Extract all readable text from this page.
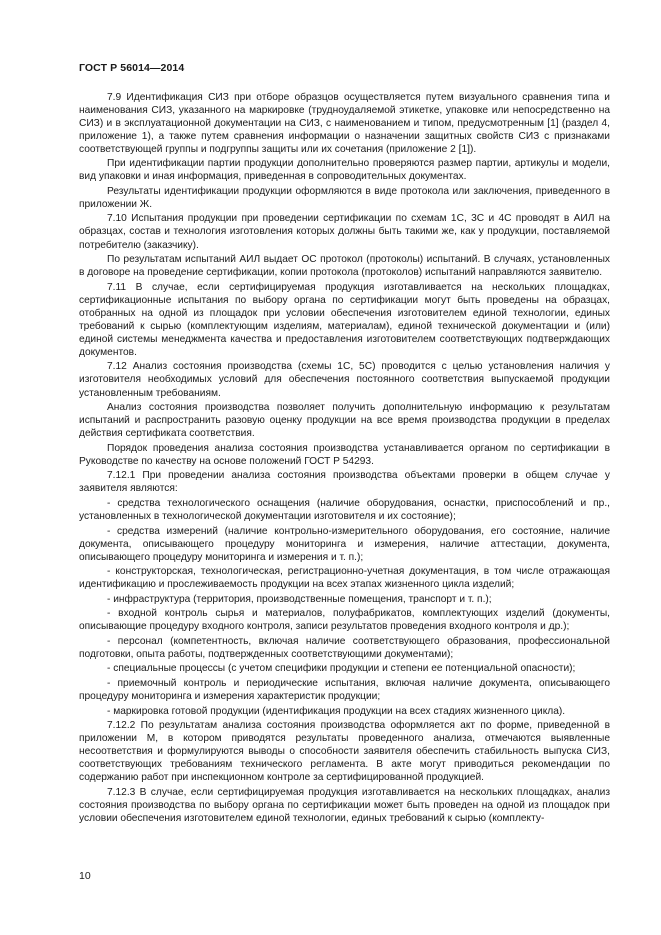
ГОСТ Р 56014—2014

7.9 Идентификация СИЗ при отборе образцов осуществляется путем визуального сравнения типа и наименования СИЗ, указанного на маркировке (трудноудаляемой этикетке, упаковке или непосредственно на СИЗ) и в эксплуатационной документации на СИЗ, с наименованием и типом, предусмотренным [1] (раздел 4, приложение 1), а также путем сравнения информации о назначении защитных свойств СИЗ с признаками соответствующей группы и подгруппы защиты или их сочетания (приложение 2 [1]).

При идентификации партии продукции дополнительно проверяются размер партии, артикулы и модели, вид упаковки и иная информация, приведенная в сопроводительных документах.

Результаты идентификации продукции оформляются в виде протокола или заключения, приведенного в приложении Ж.

7.10 Испытания продукции при проведении сертификации по схемам 1С, 3С и 4С проводят в АИЛ на образцах, состав и технология изготовления которых должны быть такими же, как у продукции, поставляемой потребителю (заказчику).

По результатам испытаний АИЛ выдает ОС протокол (протоколы) испытаний. В случаях, установленных в договоре на проведение сертификации, копии протокола (протоколов) испытаний направляются заявителю.

7.11 В случае, если сертифицируемая продукция изготавливается на нескольких площадках, сертификационные испытания по выбору органа по сертификации могут быть проведены на образцах, отобранных на одной из площадок при условии обеспечения изготовителем единой технологии, единых требований к сырью (комплектующим изделиям, материалам), единой технической документации и (или) единой системы менеджмента качества и предоставления изготовителем соответствующих подтверждающих документов.

7.12 Анализ состояния производства (схемы 1С, 5С) проводится с целью установления наличия у изготовителя необходимых условий для обеспечения постоянного соответствия выпускаемой продукции установленным требованиям.

Анализ состояния производства позволяет получить дополнительную информацию к результатам испытаний и распространить разовую оценку продукции на все время производства продукции в пределах действия сертификата соответствия.

Порядок проведения анализа состояния производства устанавливается органом по сертификации в Руководстве по качеству на основе положений ГОСТ Р 54293.

7.12.1 При проведении анализа состояния производства объектами проверки в общем случае у заявителя являются:

- средства технологического оснащения (наличие оборудования, оснастки, приспособлений и пр., установленных в технологической документации изготовителя и их состояние);

- средства измерений (наличие контрольно-измерительного оборудования, его состояние, наличие документа, описывающего процедуру мониторинга и измерения, наличие аттестации, документа, описывающего процедуру мониторинга и измерения и т. п.);

- конструкторская, технологическая, регистрационно-учетная документация, в том числе отражающая идентификацию и прослеживаемость продукции на всех этапах жизненного цикла изделий;

- инфраструктура (территория, производственные помещения, транспорт и т. п.);

- входной контроль сырья и материалов, полуфабрикатов, комплектующих изделий (документы, описывающие процедуру входного контроля, записи результатов проведения входного контроля и др.);

- персонал (компетентность, включая наличие соответствующего образования, профессиональной подготовки, опыта работы, подтвержденных соответствующими документами);

- специальные процессы (с учетом специфики продукции и степени ее потенциальной опасности);

- приемочный контроль и периодические испытания, включая наличие документа, описывающего процедуру мониторинга и измерения характеристик продукции;

- маркировка готовой продукции (идентификация продукции на всех стадиях жизненного цикла).

7.12.2 По результатам анализа состояния производства оформляется акт по форме, приведенной в приложении М, в котором приводятся результаты проведенного анализа, отмечаются выявленные несоответствия и формулируются выводы о способности заявителя обеспечить стабильность выпуска СИЗ, соответствующих требованиям технического регламента. В акте могут приводиться рекомендации по содержанию работ при инспекционном контроле за сертифицированной продукцией.

7.12.3 В случае, если сертифицируемая продукция изготавливается на нескольких площадках, анализ состояния производства по выбору органа по сертификации может быть проведен на одной из площадок при условии обеспечения изготовителем единой технологии, единых требований к сырью (комплекту-

10
